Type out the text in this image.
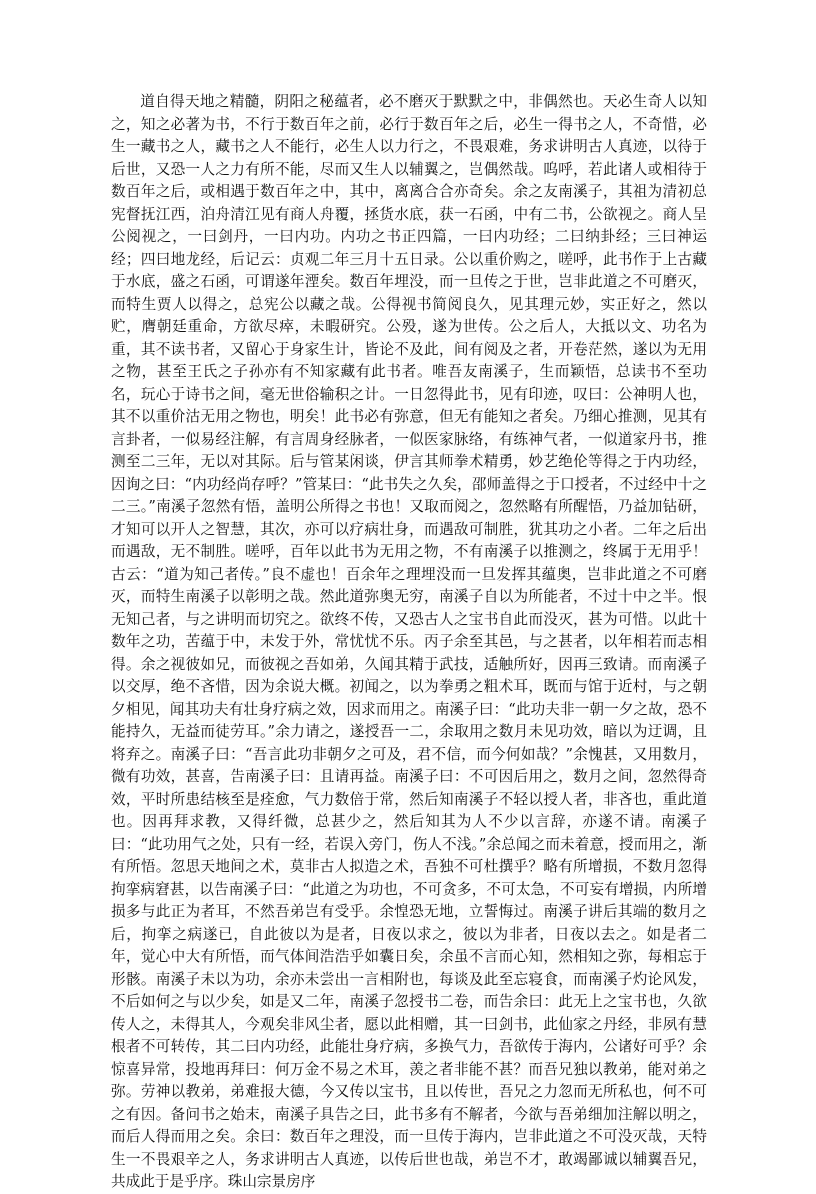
道自得天地之精髓，阴阳之秘蕴者，必不磨灭于默默之中，非偶然也。天必生奇人以知之，知之必著为书，不行于数百年之前，必行于数百年之后，必生一得书之人，不奇惜，必生一藏书之人，藏书之人不能行，必生人以力行之，不畏艰难，务求讲明古人真迹，以待于后世，又恐一人之力有所不能，尽而又生人以辅翼之，岂偶然哉。呜呼，若此诸人或相待于数百年之后，或相遇于数百年之中，其中，离离合合亦奇矣。余之友南溪子，其祖为清初总宪督抚江西，泊舟清江见有商人舟覆，拯货水底，获一石函，中有二书，公欲视之。商人呈公阅视之，一曰剑丹，一曰内功。内功之书正四篇，一曰内功经；二曰纳卦经；三曰神运经；四曰地龙经，后记云：贞观二年三月十五日录。公以重价购之，嗟呼，此书作于上古藏于水底，盛之石函，可谓遂年湮矣。数百年埋没，而一旦传之于世，岂非此道之不可磨灭，而特生贾人以得之，总宪公以藏之哉。公得视书简阅良久，见其理元妙，实正好之，然以贮，膺朝廷重命，方欲尽瘁，未暇研究。公殁，遂为世传。公之后人，大抵以文、功名为重，其不读书者，又留心于身家生计，皆论不及此，间有阅及之者，开卷茫然，遂以为无用之物，甚至王氏之子孙亦有不知家藏有此书者。唯吾友南溪子，生而颖悟，总读书不至功名，玩心于诗书之间，毫无世俗输积之计。一日忽得此书，见有印迹，叹曰：公神明人也，其不以重价沽无用之物也，明矣！此书必有弥意，但无有能知之者矣。乃细心推测，见其有言卦者，一似易经注解，有言周身经脉者，一似医家脉络，有练神气者，一似道家丹书，推测至二三年，无以对其际。后与管某闲谈，伊言其师拳术精勇，妙艺绝伦等得之于内功经，因询之曰：“内功经尚存呼？”管某曰：“此书失之久矣，邵师盖得之于口授者，不过经中十之二三。”南溪子忽然有悟，盖明公所得之书也！又取而阅之，忽然略有所醒悟，乃益加钻研，才知可以开人之智慧，其次，亦可以疗病壮身，而遇敌可制胜，犹其功之小者。二年之后出而遇敌，无不制胜。嗟呼，百年以此书为无用之物，不有南溪子以推测之，终属于无用乎！古云：“道为知己者传。”良不虚也！百余年之理埋没而一旦发挥其蕴奥，岂非此道之不可磨灭，而特生南溪子以彰明之哉。然此道弥奥无穷，南溪子自以为所能者，不过十中之半。恨无知己者，与之讲明而切究之。欲终不传，又恐古人之宝书自此而没灭，甚为可惜。以此十数年之功，苦蕴于中，未发于外，常忧忧不乐。丙子余至其邑，与之甚者，以年相若而志相得。余之视彼如兄，而彼视之吾如弟，久闻其精于武技，适触所好，因再三致请。而南溪子以交厚，绝不吝惜，因为余说大概。初闻之，以为拳勇之粗术耳，既而与馆于近村，与之朝夕相见，闻其功夫有壮身疗病之效，因求而用之。南溪子曰：“此功夫非一朝一夕之故，恐不能持久，无益而徒劳耳。”余力请之，遂授吾一二，余取用之数月未见功效，暗以为迂调，且将弃之。南溪子曰：“吾言此功非朝夕之可及，君不信，而今何如哉？”余愧甚，又用数月，微有功效，甚喜，告南溪子曰：且请再益。南溪子曰：不可因后用之，数月之间，忽然得奇效，平时所患结核至是痊愈，气力数倍于常，然后知南溪子不轻以授人者，非吝也，重此道也。因再拜求教，又得纤微，总甚少之，然后知其为人不少以言辞，亦遂不请。南溪子曰：“此功用气之处，只有一经，若误入旁门，伤人不浅。”余总闻之而未着意，授而用之，渐有所悟。忽思天地间之术，莫非古人拟造之术，吾独不可杜撰乎？略有所增损，不数月忽得拘挛病窘甚，以告南溪子曰：“此道之为功也，不可贪多，不可太急，不可妄有增损，内所增损多与此正为者耳，不然吾弟岂有受乎。余惶恐无地，立誓悔过。南溪子讲后其端的数月之后，拘挛之病遂已，自此彼以为是者，日夜以求之，彼以为非者，日夜以去之。如是者二年，觉心中大有所悟，而气体间浩浩乎如囊日矣，余虽不言而心知，然相知之弥，每相忘于形骸。南溪子未以为功，余亦未尝出一言相附也，每谈及此至忘寝食，而南溪子灼论风发，不后如何之与以少矣，如是又二年，南溪子忽授书二卷，而告余曰：此无上之宝书也，久欲传人之，未得其人，今观矣非风尘者，愿以此相赠，其一曰剑书，此仙家之丹经，非夙有慧根者不可转传，其二曰内功经，此能壮身疗病，多换气力，吾欲传于海内，公诸好可乎？余惊喜异常，投地再拜曰：何万金不易之术耳，羡之者非能不甚？而吾兄独以教弟，能对弟之弥。劳神以教弟，弟难报大德，今又传以宝书，且以传世，吾兄之力忽而无所私也，何不可之有因。备问书之始末，南溪子具告之曰，此书多有不解者，今欲与吾弟细加注解以明之，而后人得而用之矣。余曰：数百年之理没，而一旦传于海内，岂非此道之不可没灭哉，天特生一不畏艰辛之人，务求讲明古人真迹，以传后世也哉，弟岂不才，敢竭鄙诚以辅翼吾兄，共成此于是乎序。珠山宗景房序
